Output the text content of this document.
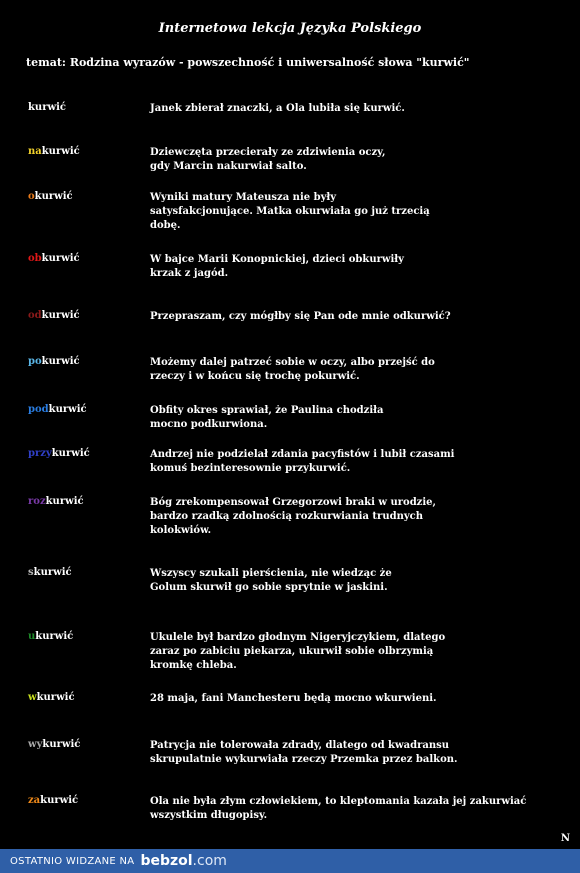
Internetowa lekcja Języka Polskiego
temat: Rodzina wyrazów - powszechność i uniwersalność słowa "kurwić"
kurwić	Janek zbierał znaczki, a Ola lubiła się kurwić.
nakurwić	Dziewczęta przecierały ze zdziwienia oczy,
gdy Marcin nakurwiał salto.
okurwić	Wyniki matury Mateusza nie były
satysfakcjonujące. Matka okurwiała go już trzecią
dobę.
obkurwić	W bajce Marii Konopnickiej, dzieci obkurwiły
krzak z jagód.
odkurwić	Przepraszam, czy mógłby się Pan ode mnie odkurwić?
pokurwić	Możemy dalej patrzeć sobie w oczy, albo przejść do
rzeczy i w końcu się trochę pokurwić.
podkurwić	Obfity okres sprawiał, że Paulina chodziła
mocno podkurwiona.
przykurwić	Andrzej nie podzielał zdania pacyfistów i lubił czasami
komuś bezinteresownie przykurwić.
rozkurwić	Bóg zrekompensował Grzegorzowi braki w urodzie,
bardzo rzadką zdolnością rozkurwiania trudnych
kolokwiów.
skurwić	Wszyscy szukali pierścienia, nie wiedząc że
Golum skurwił go sobie sprytnie w jaskini.
ukurwić	Ukulele był bardzo głodnym Nigeryjczykiem, dlatego
zaraz po zabiciu piekarza, ukurwił sobie olbrzymią
kromkę chleba.
wkurwić	28 maja, fani Manchesteru będą mocno wkurwieni.
wykurwić	Patrycja nie tolerowała zdrady, dlatego od kwadransu
skrupulatnie wykurwiała rzeczy Przemka przez balkon.
zakurwić	Ola nie była złym człowiekiem, to kleptomania kazała jej zakurwiać
wszystkim długopisy.
N
OSTATNIO WIDZANE NA bebzol.com
